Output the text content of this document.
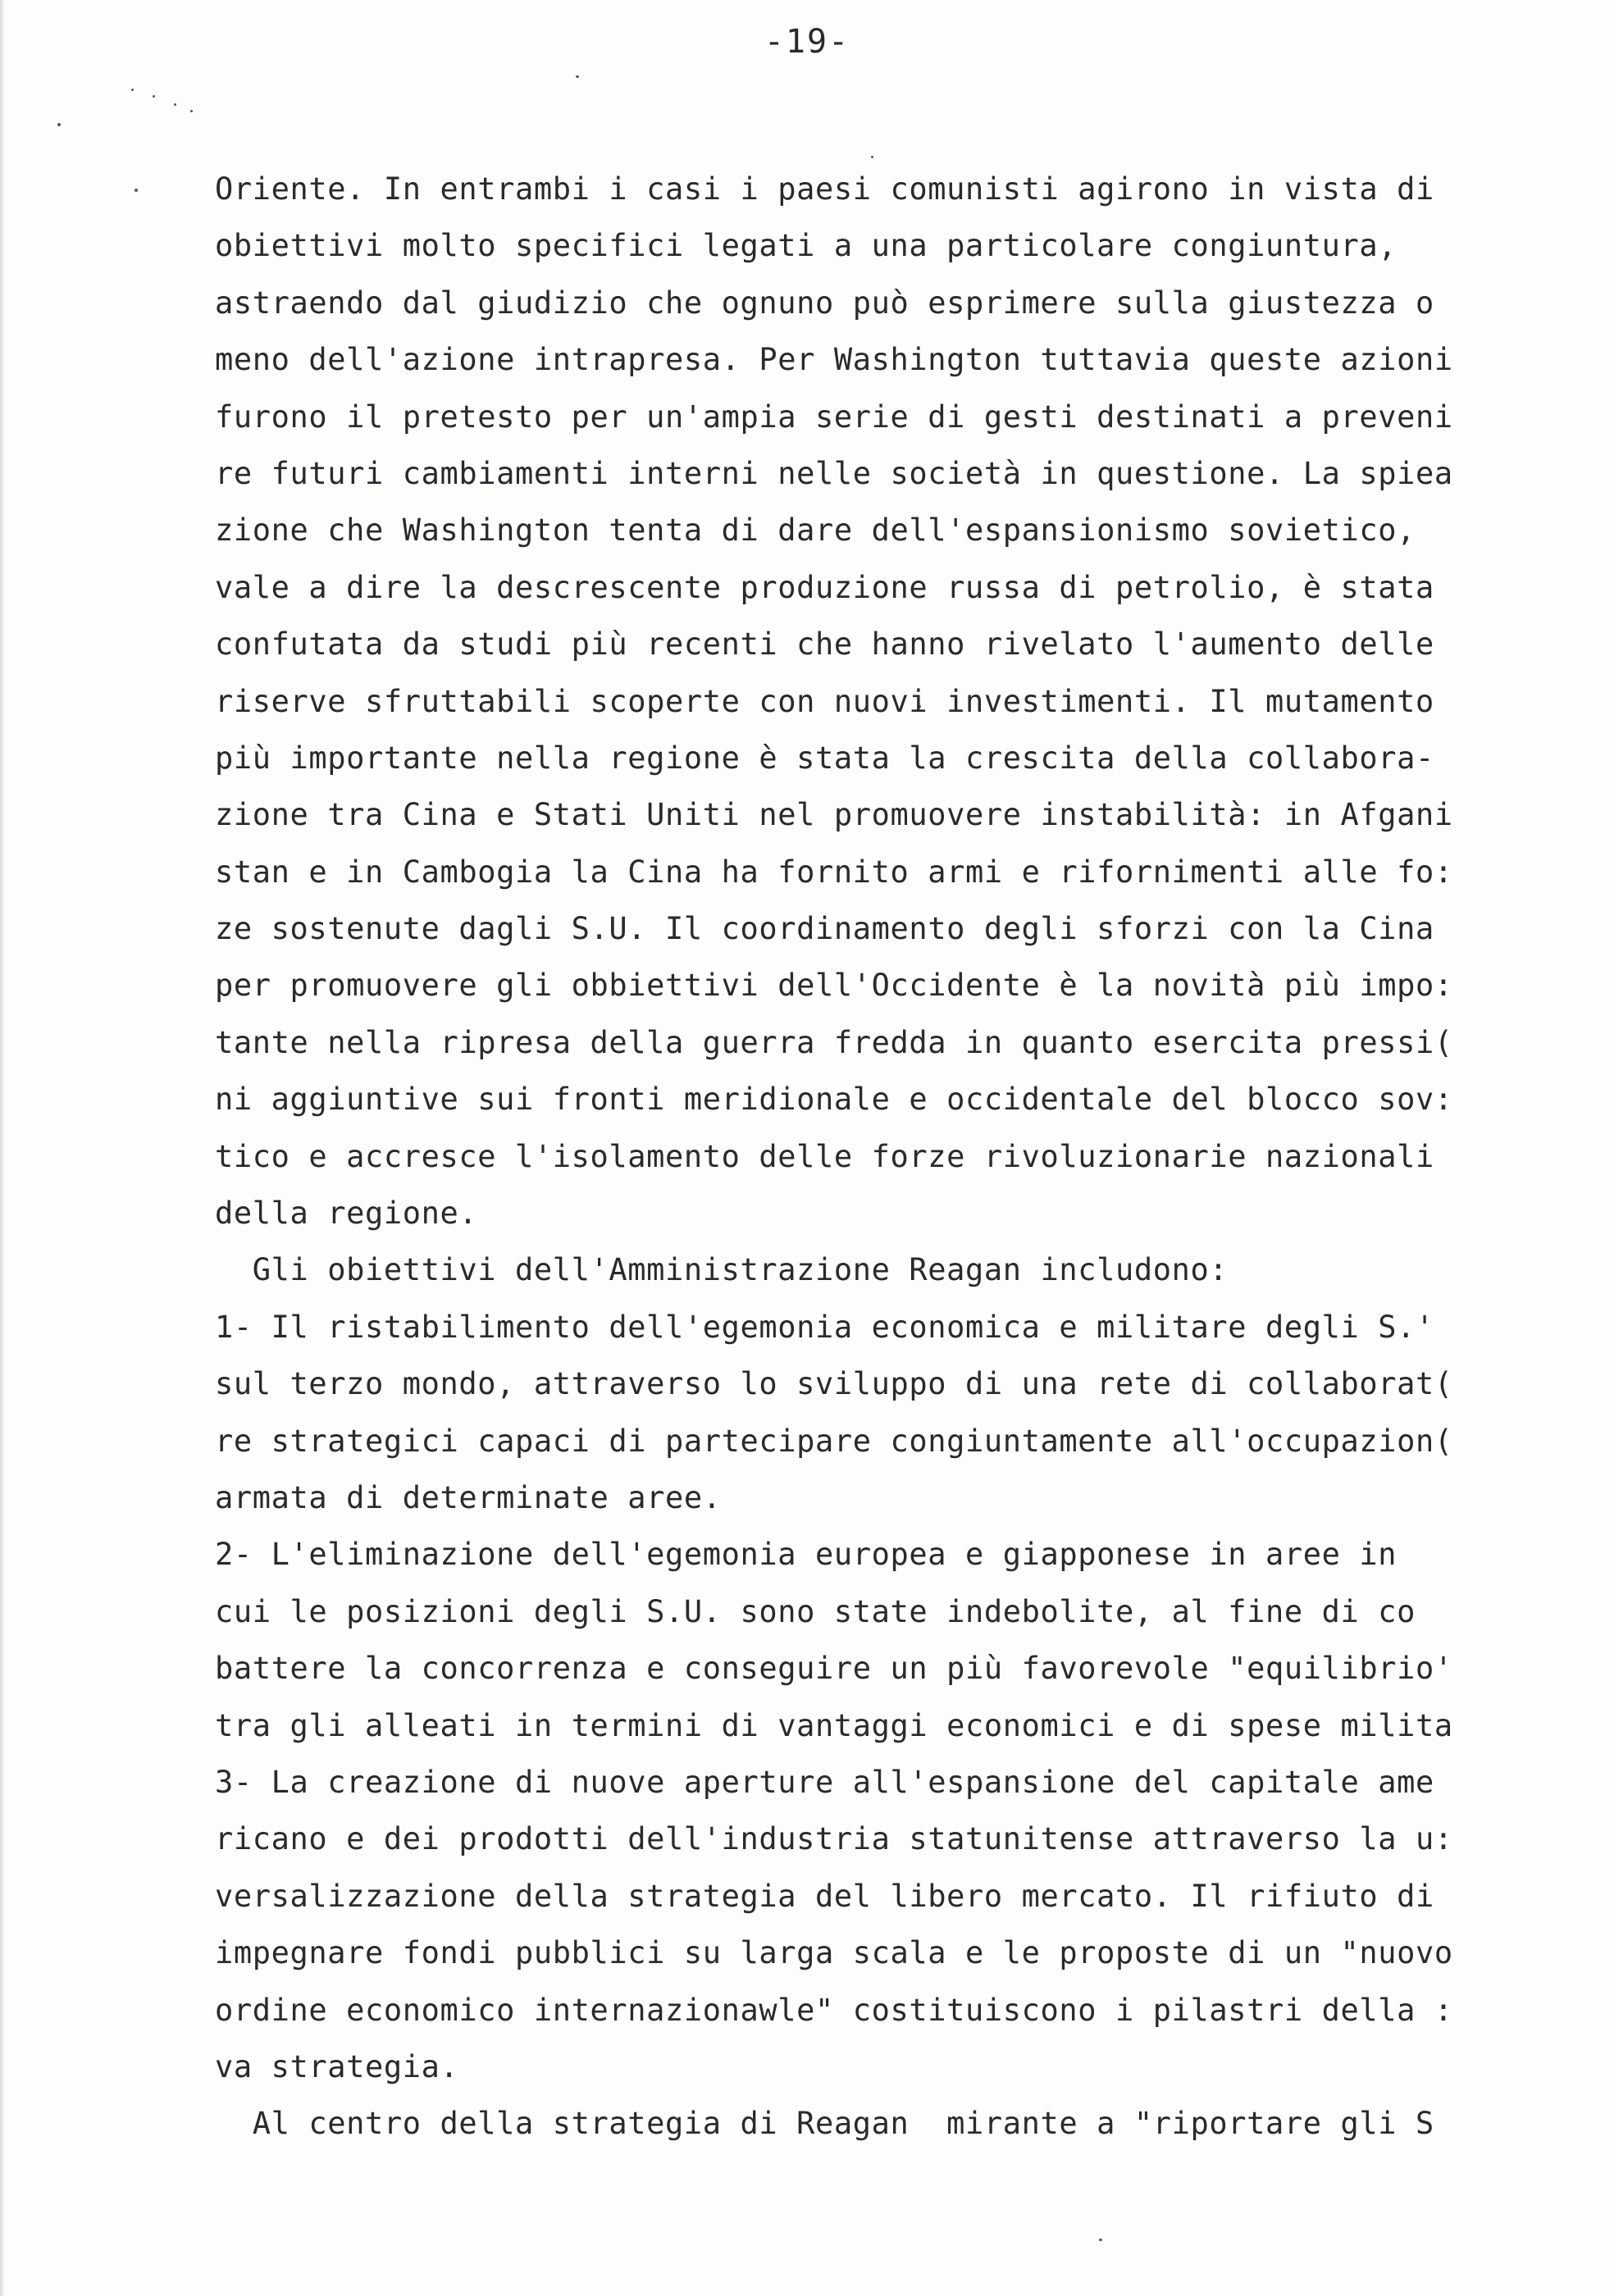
-19-
Oriente. In entrambi i casi i paesi comunisti agirono in vista di
obiettivi molto specifici legati a una particolare congiuntura,
astraendo dal giudizio che ognuno può esprimere sulla giustezza o
meno dell'azione intrapresa. Per Washington tuttavia queste azioni
furono il pretesto per un'ampia serie di gesti destinati a preveni
re futuri cambiamenti interni nelle società in questione. La spiea
zione che Washington tenta di dare dell'espansionismo sovietico,
vale a dire la descrescente produzione russa di petrolio, è stata
confutata da studi più recenti che hanno rivelato l'aumento delle
riserve sfruttabili scoperte con nuovi investimenti. Il mutamento
più importante nella regione è stata la crescita della collabora-
zione tra Cina e Stati Uniti nel promuovere instabilità: in Afgani
stan e in Cambogia la Cina ha fornito armi e rifornimenti alle fo:
ze sostenute dagli S.U. Il coordinamento degli sforzi con la Cina
per promuovere gli obbiettivi dell'Occidente è la novità più impo:
tante nella ripresa della guerra fredda in quanto esercita pressi(
ni aggiuntive sui fronti meridionale e occidentale del blocco sov:
tico e accresce l'isolamento delle forze rivoluzionarie nazionali
della regione.
Gli obiettivi dell'Amministrazione Reagan includono:
1- Il ristabilimento dell'egemonia economica e militare degli S.'
sul terzo mondo, attraverso lo sviluppo di una rete di collaborat(
re strategici capaci di partecipare congiuntamente all'occupazion(
armata di determinate aree.
2- L'eliminazione dell'egemonia europea e giapponese in aree in
cui le posizioni degli S.U. sono state indebolite, al fine di co
battere la concorrenza e conseguire un più favorevole "equilibrio'
tra gli alleati in termini di vantaggi economici e di spese milita
3- La creazione di nuove aperture all'espansione del capitale ame
ricano e dei prodotti dell'industria statunitense attraverso la u:
versalizzazione della strategia del libero mercato. Il rifiuto di
impegnare fondi pubblici su larga scala e le proposte di un "nuovo
ordine economico internazionawle" costituiscono i pilastri della :
va strategia.
Al centro della strategia di Reagan  mirante a "riportare gli S
